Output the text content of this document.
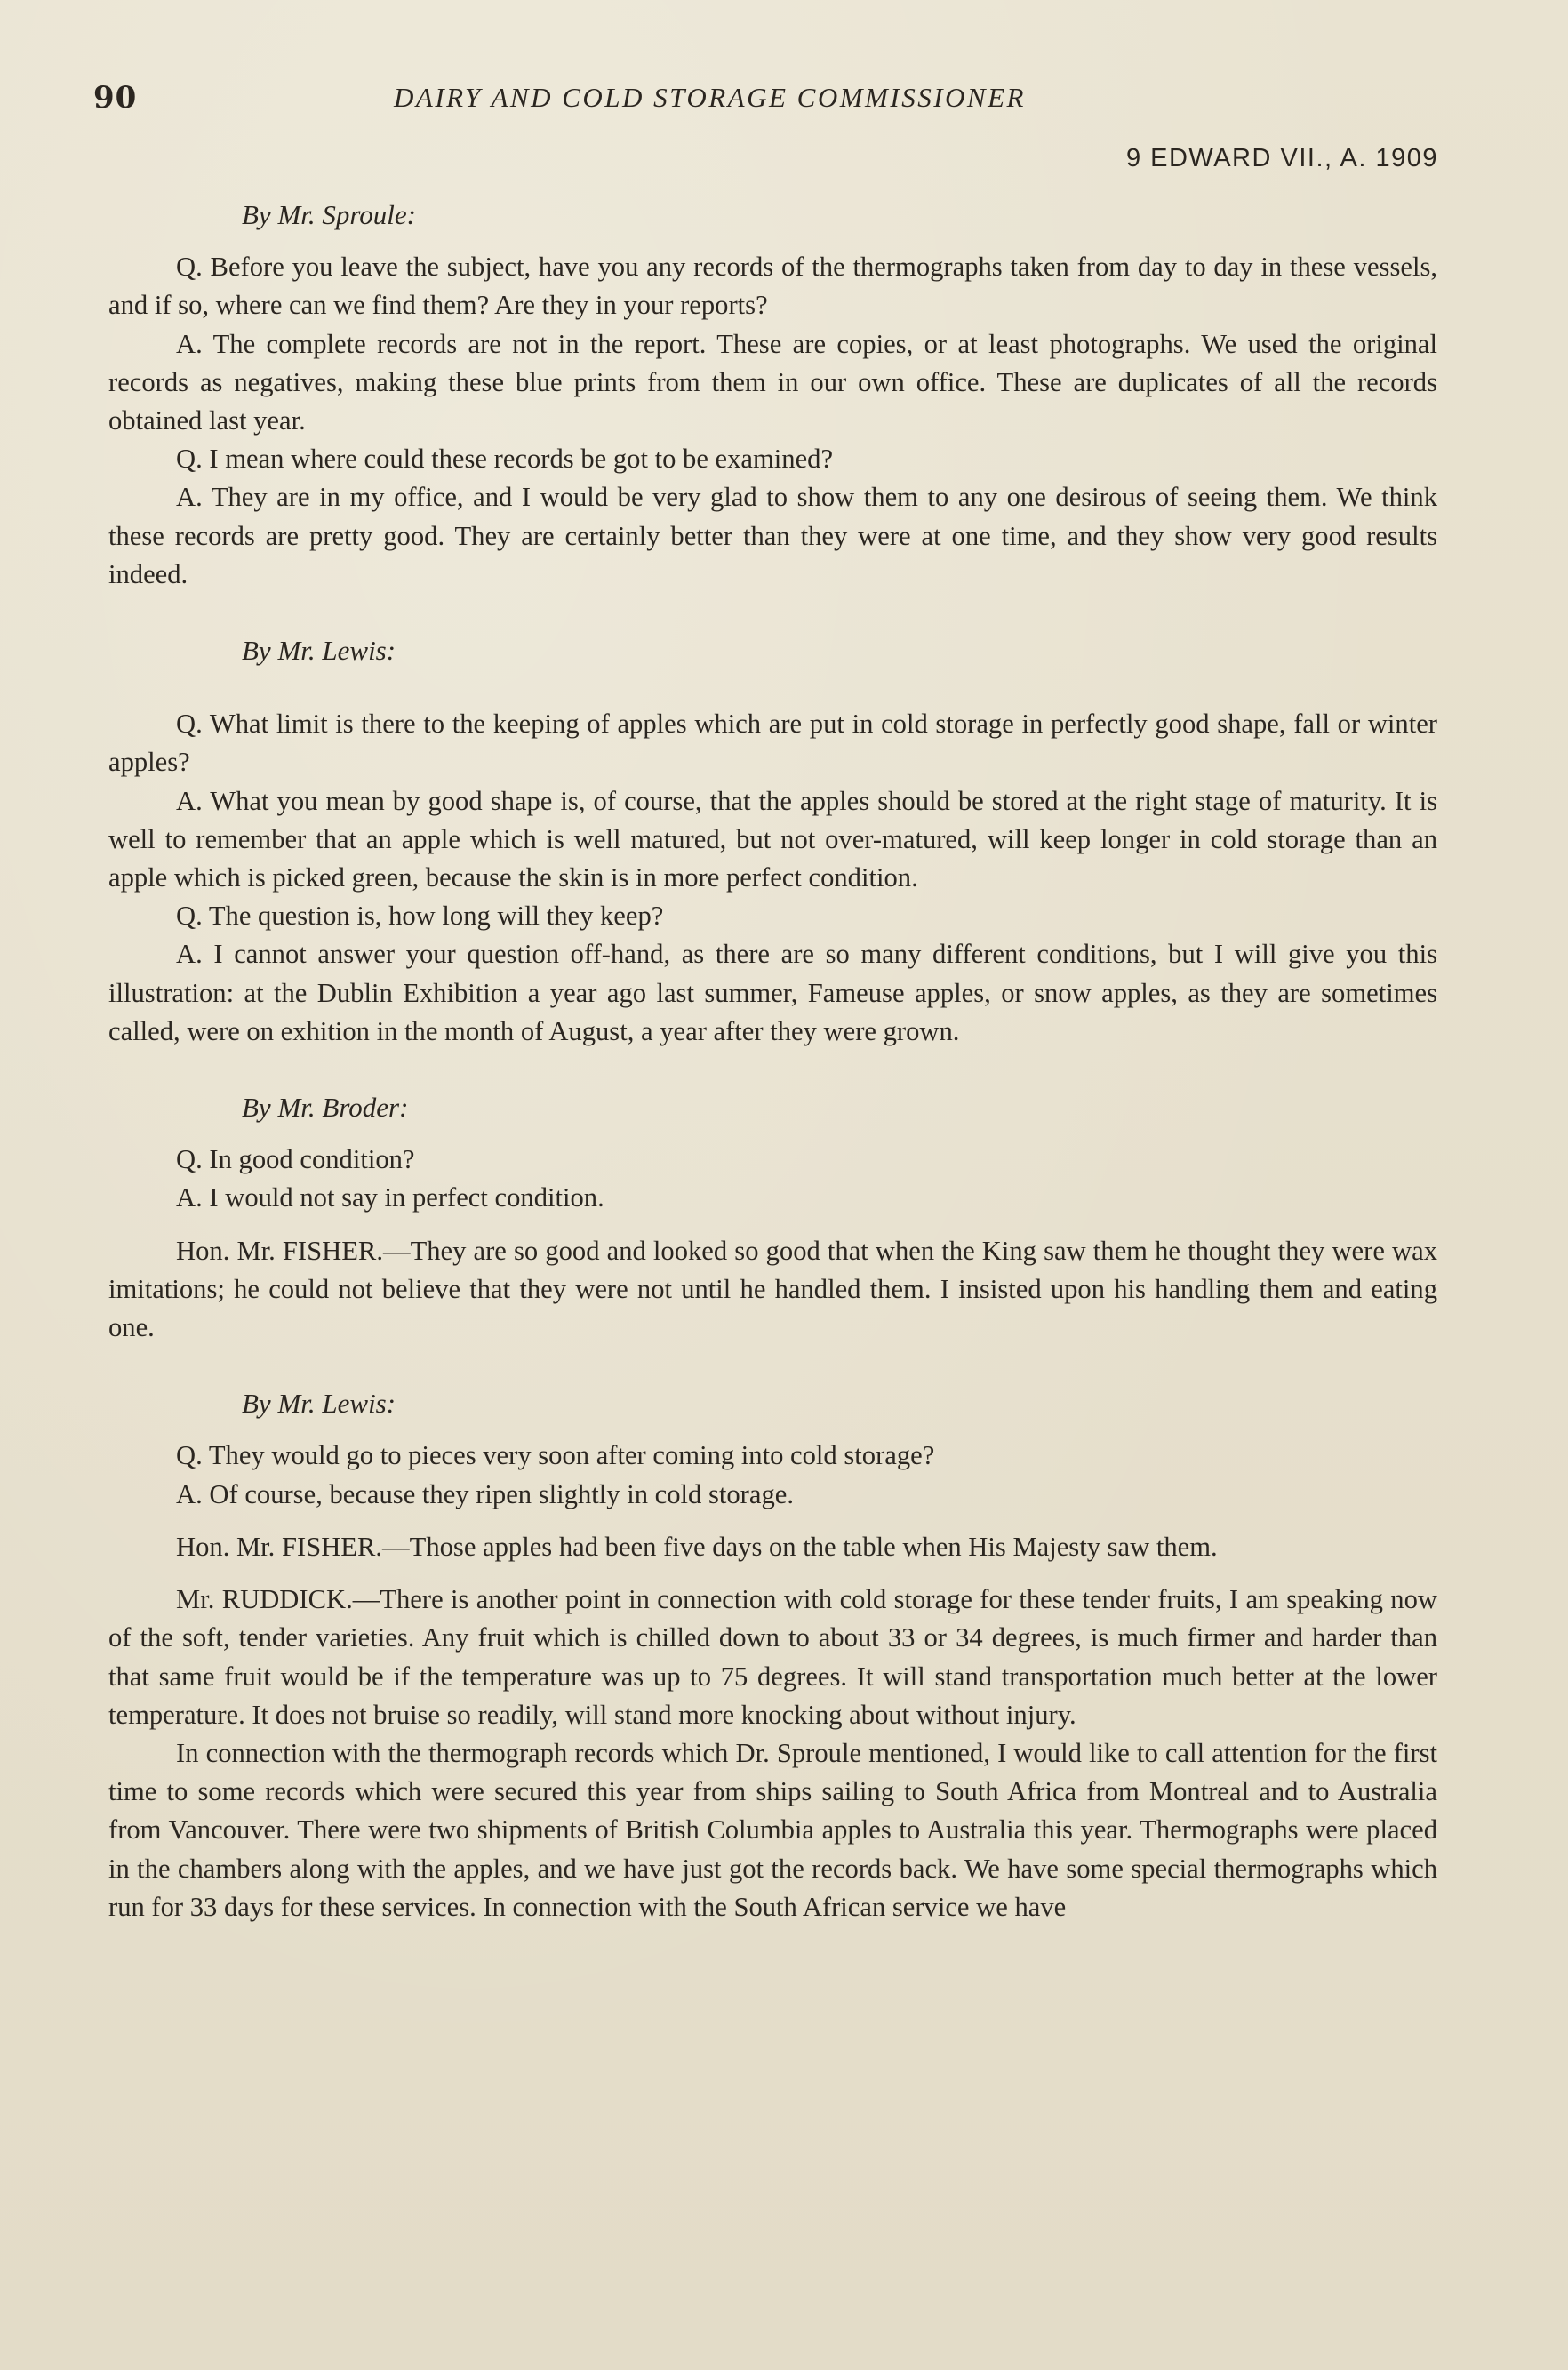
90	DAIRY AND COLD STORAGE COMMISSIONER
9 EDWARD VII., A. 1909

By Mr. Sproule:

Q. Before you leave the subject, have you any records of the thermographs taken from day to day in these vessels, and if so, where can we find them? Are they in your reports?

A. The complete records are not in the report. These are copies, or at least photographs. We used the original records as negatives, making these blue prints from them in our own office. These are duplicates of all the records obtained last year.

Q. I mean where could these records be got to be examined?

A. They are in my office, and I would be very glad to show them to any one desirous of seeing them. We think these records are pretty good. They are certainly better than they were at one time, and they show very good results indeed.

By Mr. Lewis:

Q. What limit is there to the keeping of apples which are put in cold storage in perfectly good shape, fall or winter apples?

A. What you mean by good shape is, of course, that the apples should be stored at the right stage of maturity. It is well to remember that an apple which is well matured, but not over-matured, will keep longer in cold storage than an apple which is picked green, because the skin is in more perfect condition.

Q. The question is, how long will they keep?

A. I cannot answer your question off-hand, as there are so many different conditions, but I will give you this illustration: at the Dublin Exhibition a year ago last summer, Fameuse apples, or snow apples, as they are sometimes called, were on exhition in the month of August, a year after they were grown.

By Mr. Broder:

Q. In good condition?

A. I would not say in perfect condition.

Hon. Mr. FISHER.—They are so good and looked so good that when the King saw them he thought they were wax imitations; he could not believe that they were not until he handled them. I insisted upon his handling them and eating one.

By Mr. Lewis:

Q. They would go to pieces very soon after coming into cold storage?

A. Of course, because they ripen slightly in cold storage.

Hon. Mr. FISHER.—Those apples had been five days on the table when His Majesty saw them.

Mr. RUDDICK.—There is another point in connection with cold storage for these tender fruits, I am speaking now of the soft, tender varieties. Any fruit which is chilled down to about 33 or 34 degrees, is much firmer and harder than that same fruit would be if the temperature was up to 75 degrees. It will stand transportation much better at the lower temperature. It does not bruise so readily, will stand more knocking about without injury.

In connection with the thermograph records which Dr. Sproule mentioned, I would like to call attention for the first time to some records which were secured this year from ships sailing to South Africa from Montreal and to Australia from Vancouver. There were two shipments of British Columbia apples to Australia this year. Thermographs were placed in the chambers along with the apples, and we have just got the records back. We have some special thermographs which run for 33 days for these services. In connection with the South African service we have
